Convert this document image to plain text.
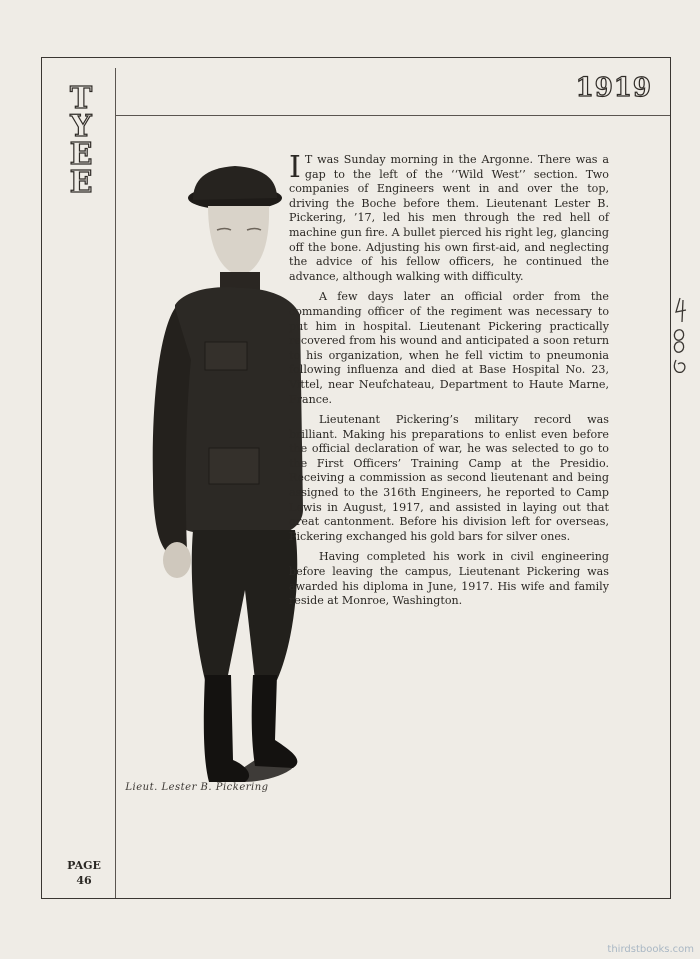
T
Y
E
E
1919
PAGE
46
Lieut. Lester B. Pickering

I T was Sunday morning in the Argonne. There was a gap to the left of the ‘‘Wild West’’ section. Two companies of Engineers went in and over the top, driving the Boche before them. Lieutenant Lester B. Pickering, ’17, led his men through the red hell of machine gun fire. A bullet pierced his right leg, glancing off the bone. Adjusting his own first-aid, and neglecting the advice of his fellow officers, he continued the advance, although walking with difficulty.

A few days later an official order from the commanding officer of the regiment was necessary to put him in hospital. Lieutenant Pickering practically recovered from his wound and anticipated a soon return to his organization, when he fell victim to pneumonia following influenza and died at Base Hospital No. 23, Vittel, near Neufchateau, Department to Haute Marne, France.

Lieutenant Pickering’s military record was brilliant. Making his preparations to enlist even before the official declaration of war, he was selected to go to the First Officers’ Training Camp at the Presidio. Receiving a commission as second lieutenant and being assigned to the 316th Engineers, he reported to Camp Lewis in August, 1917, and assisted in laying out that great cantonment. Before his division left for overseas, Pickering exchanged his gold bars for silver ones.

Having completed his work in civil engineering before leaving the campus, Lieutenant Pickering was awarded his diploma in June, 1917. His wife and family reside at Monroe, Washington.

thirdstbooks.com
